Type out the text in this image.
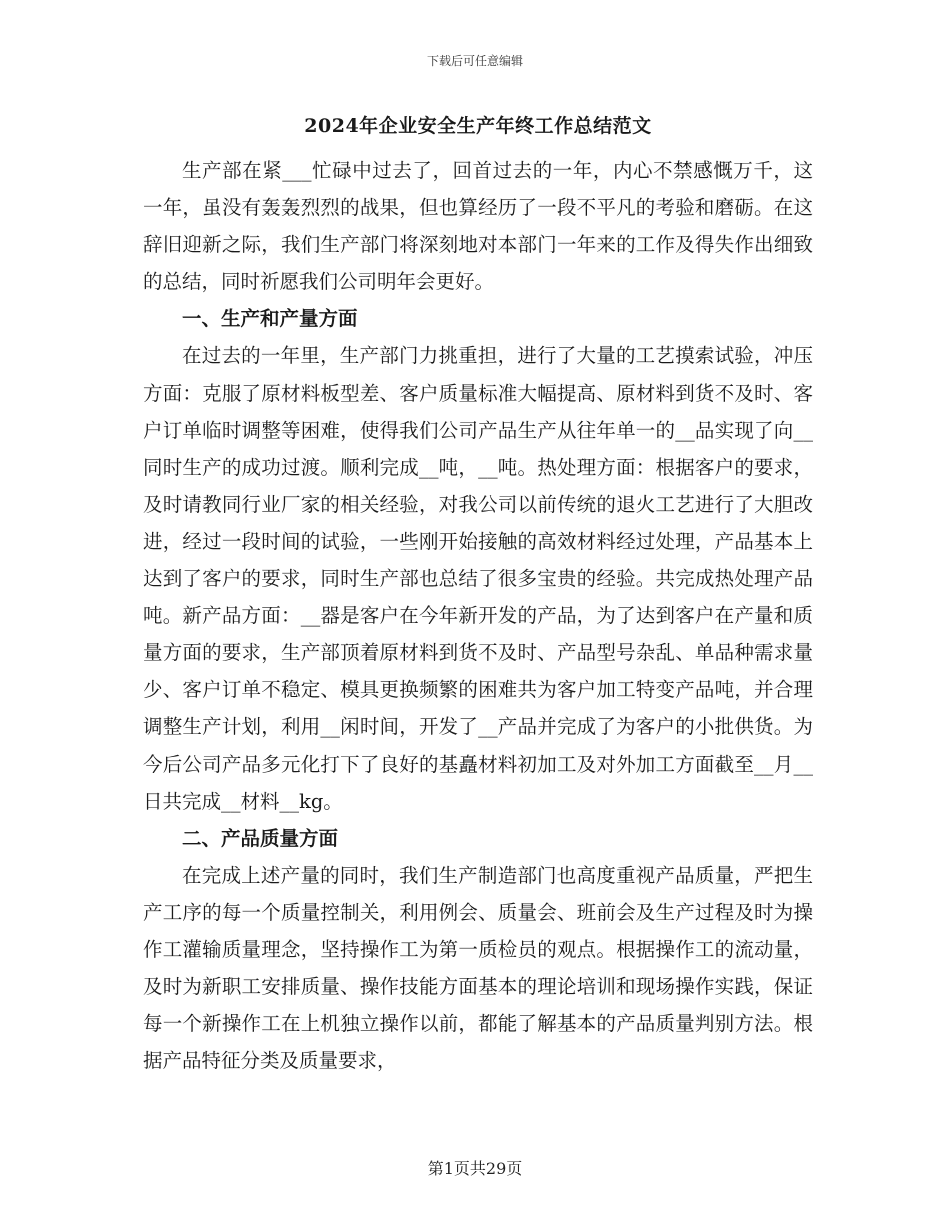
下载后可任意编辑
2024年企业安全生产年终工作总结范文

生产部在紧___忙碌中过去了，回首过去的一年，内心不禁感慨万千，这一年，虽没有轰轰烈烈的战果，但也算经历了一段不平凡的考验和磨砺。在这辞旧迎新之际，我们生产部门将深刻地对本部门一年来的工作及得失作出细致的总结，同时祈愿我们公司明年会更好。

一、生产和产量方面

在过去的一年里，生产部门力挑重担，进行了大量的工艺摸索试验，冲压方面：克服了原材料板型差、客户质量标准大幅提高、原材料到货不及时、客户订单临时调整等困难，使得我们公司产品生产从往年单一的__品实现了向__同时生产的成功过渡。顺利完成__吨，__吨。热处理方面：根据客户的要求，及时请教同行业厂家的相关经验，对我公司以前传统的退火工艺进行了大胆改进，经过一段时间的试验，一些刚开始接触的高效材料经过处理，产品基本上达到了客户的要求，同时生产部也总结了很多宝贵的经验。共完成热处理产品吨。新产品方面：__器是客户在今年新开发的产品，为了达到客户在产量和质量方面的要求，生产部顶着原材料到货不及时、产品型号杂乱、单品种需求量少、客户订单不稳定、模具更换频繁的困难共为客户加工特变产品吨，并合理调整生产计划，利用__闲时间，开发了__产品并完成了为客户的小批供货。为今后公司产品多元化打下了良好的基矗材料初加工及对外加工方面截至__月__日共完成__材料__kg。

二、产品质量方面

在完成上述产量的同时，我们生产制造部门也高度重视产品质量，严把生产工序的每一个质量控制关，利用例会、质量会、班前会及生产过程及时为操作工灌输质量理念，坚持操作工为第一质检员的观点。根据操作工的流动量，及时为新职工安排质量、操作技能方面基本的理论培训和现场操作实践，保证每一个新操作工在上机独立操作以前，都能了解基本的产品质量判别方法。根据产品特征分类及质量要求，

第1页共29页
